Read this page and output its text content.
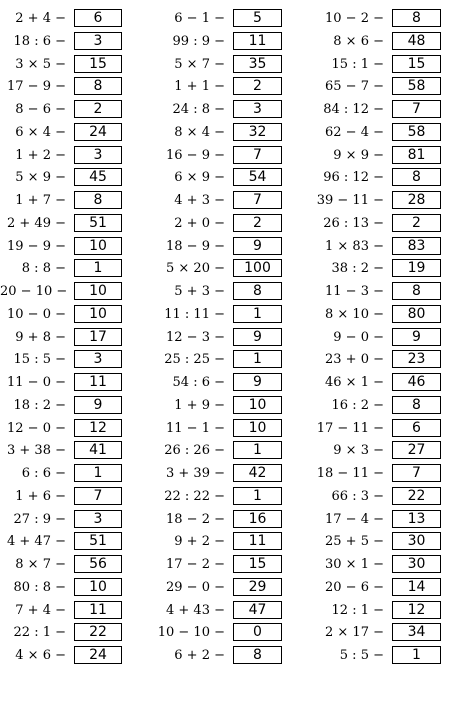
2 + 4 −	6
18 : 6 −	3
3 × 5 −	15
17 − 9 −	8
8 − 6 −	2
6 × 4 −	24
1 + 2 −	3
5 × 9 −	45
1 + 7 −	8
2 + 49 −	51
19 − 9 −	10
8 : 8 −	1
20 − 10 −	10
10 − 0 −	10
9 + 8 −	17
15 : 5 −	3
11 − 0 −	11
18 : 2 −	9
12 − 0 −	12
3 + 38 −	41
6 : 6 −	1
1 + 6 −	7
27 : 9 −	3
4 + 47 −	51
8 × 7 −	56
80 : 8 −	10
7 + 4 −	11
22 : 1 −	22
4 × 6 −	24
6 − 1 −	5
99 : 9 −	11
5 × 7 −	35
1 + 1 −	2
24 : 8 −	3
8 × 4 −	32
16 − 9 −	7
6 × 9 −	54
4 + 3 −	7
2 + 0 −	2
18 − 9 −	9
5 × 20 −	100
5 + 3 −	8
11 : 11 −	1
12 − 3 −	9
25 : 25 −	1
54 : 6 −	9
1 + 9 −	10
11 − 1 −	10
26 : 26 −	1
3 + 39 −	42
22 : 22 −	1
18 − 2 −	16
9 + 2 −	11
17 − 2 −	15
29 − 0 −	29
4 + 43 −	47
10 − 10 −	0
6 + 2 −	8
10 − 2 −	8
8 × 6 −	48
15 : 1 −	15
65 − 7 −	58
84 : 12 −	7
62 − 4 −	58
9 × 9 −	81
96 : 12 −	8
39 − 11 −	28
26 : 13 −	2
1 × 83 −	83
38 : 2 −	19
11 − 3 −	8
8 × 10 −	80
9 − 0 −	9
23 + 0 −	23
46 × 1 −	46
16 : 2 −	8
17 − 11 −	6
9 × 3 −	27
18 − 11 −	7
66 : 3 −	22
17 − 4 −	13
25 + 5 −	30
30 × 1 −	30
20 − 6 −	14
12 : 1 −	12
2 × 17 −	34
5 : 5 −	1
